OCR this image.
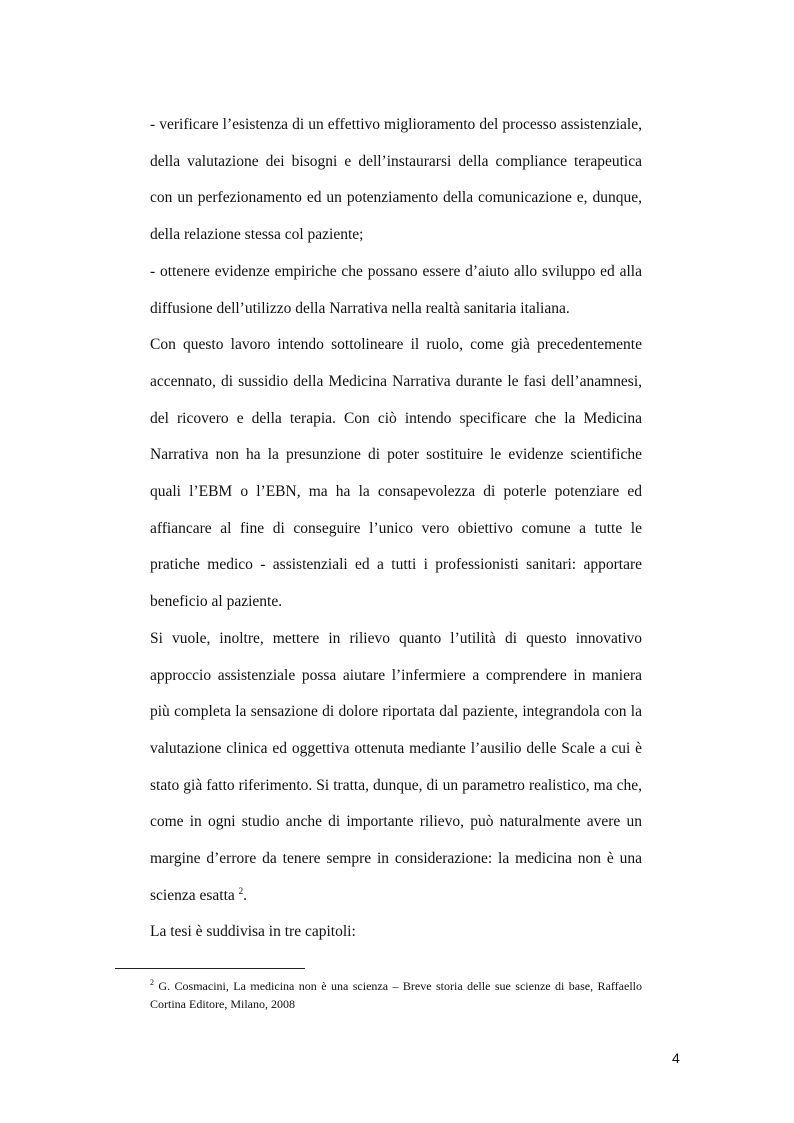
- verificare l’esistenza di un effettivo miglioramento del processo assistenziale, della valutazione dei bisogni e dell’instaurarsi della compliance terapeutica con un perfezionamento ed un potenziamento della comunicazione e, dunque, della relazione stessa col paziente;

- ottenere evidenze empiriche che possano essere d’aiuto allo sviluppo ed alla diffusione dell’utilizzo della Narrativa nella realtà sanitaria italiana.

Con questo lavoro intendo sottolineare il ruolo, come già precedentemente accennato, di sussidio della Medicina Narrativa durante le fasi dell’anamnesi, del ricovero e della terapia. Con ciò intendo specificare che la Medicina Narrativa non ha la presunzione di poter sostituire le evidenze scientifiche quali l’EBM o l’EBN, ma ha la consapevolezza di poterle potenziare ed affiancare al fine di conseguire l’unico vero obiettivo comune a tutte le pratiche medico - assistenziali ed a tutti i professionisti sanitari: apportare beneficio al paziente.

Si vuole, inoltre, mettere in rilievo quanto l’utilità di questo innovativo approccio assistenziale possa aiutare l’infermiere a comprendere in maniera più completa la sensazione di dolore riportata dal paziente, integrandola con la valutazione clinica ed oggettiva ottenuta mediante l’ausilio delle Scale a cui è stato già fatto riferimento. Si tratta, dunque, di un parametro realistico, ma che, come in ogni studio anche di importante rilievo, può naturalmente avere un margine d’errore da tenere sempre in considerazione: la medicina non è una scienza esatta $^2$.

La tesi è suddivisa in tre capitoli:

$^2$ G. Cosmacini, La medicina non è una scienza – Breve storia delle sue scienze di base, Raffaello Cortina Editore, Milano, 2008
4
